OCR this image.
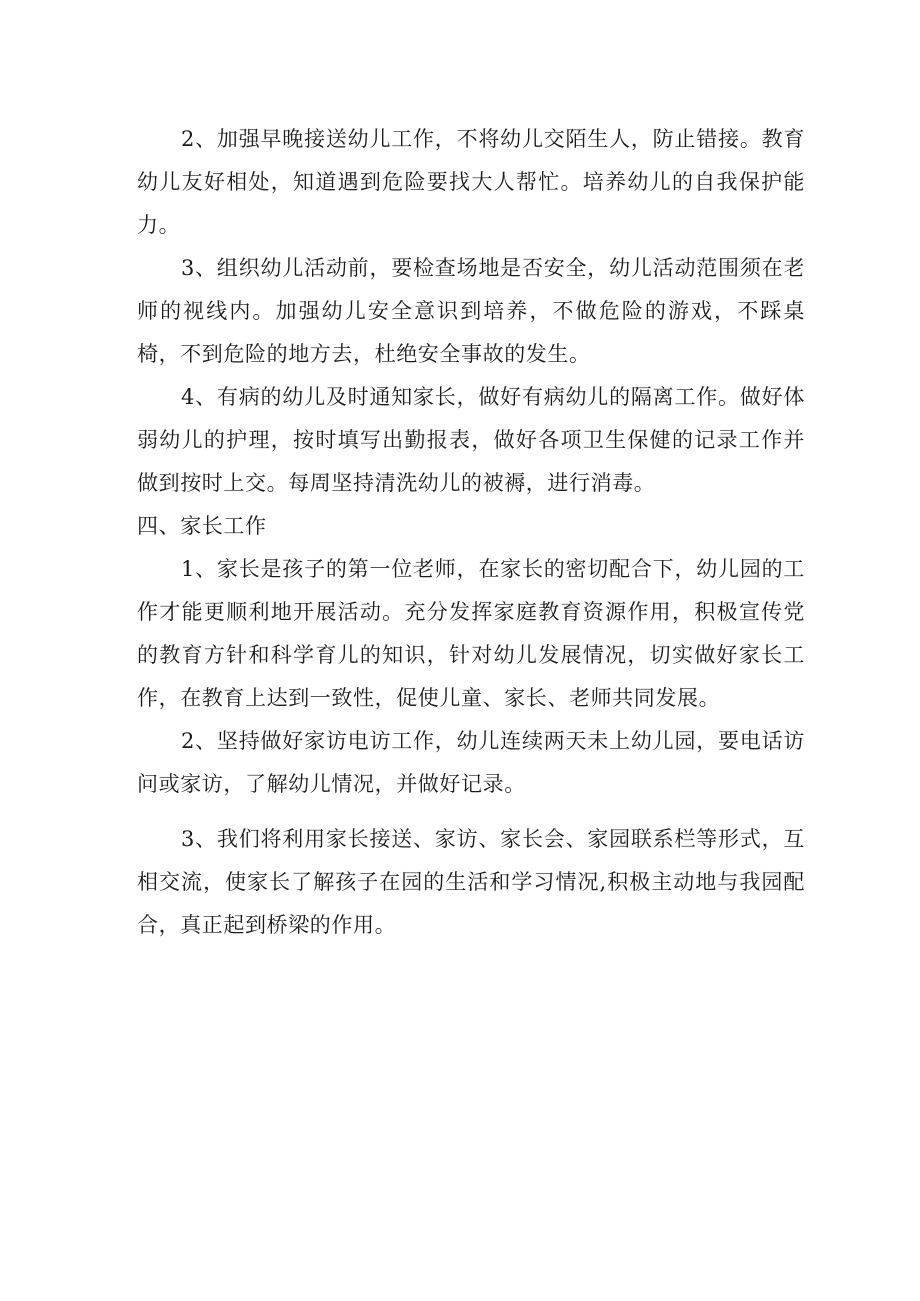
2、加强早晚接送幼儿工作，不将幼儿交陌生人，防止错接。教育幼儿友好相处，知道遇到危险要找大人帮忙。培养幼儿的自我保护能力。

3、组织幼儿活动前，要检查场地是否安全，幼儿活动范围须在老师的视线内。加强幼儿安全意识到培养，不做危险的游戏，不踩桌椅，不到危险的地方去，杜绝安全事故的发生。

4、有病的幼儿及时通知家长，做好有病幼儿的隔离工作。做好体弱幼儿的护理，按时填写出勤报表，做好各项卫生保健的记录工作并做到按时上交。每周坚持清洗幼儿的被褥，进行消毒。

四、家长工作

1、家长是孩子的第一位老师，在家长的密切配合下，幼儿园的工作才能更顺利地开展活动。充分发挥家庭教育资源作用，积极宣传党的教育方针和科学育儿的知识，针对幼儿发展情况，切实做好家长工作，在教育上达到一致性，促使儿童、家长、老师共同发展。

2、坚持做好家访电访工作，幼儿连续两天未上幼儿园，要电话访问或家访，了解幼儿情况，并做好记录。

3、我们将利用家长接送、家访、家长会、家园联系栏等形式，互相交流，使家长了解孩子在园的生活和学习情况,积极主动地与我园配合，真正起到桥梁的作用。
